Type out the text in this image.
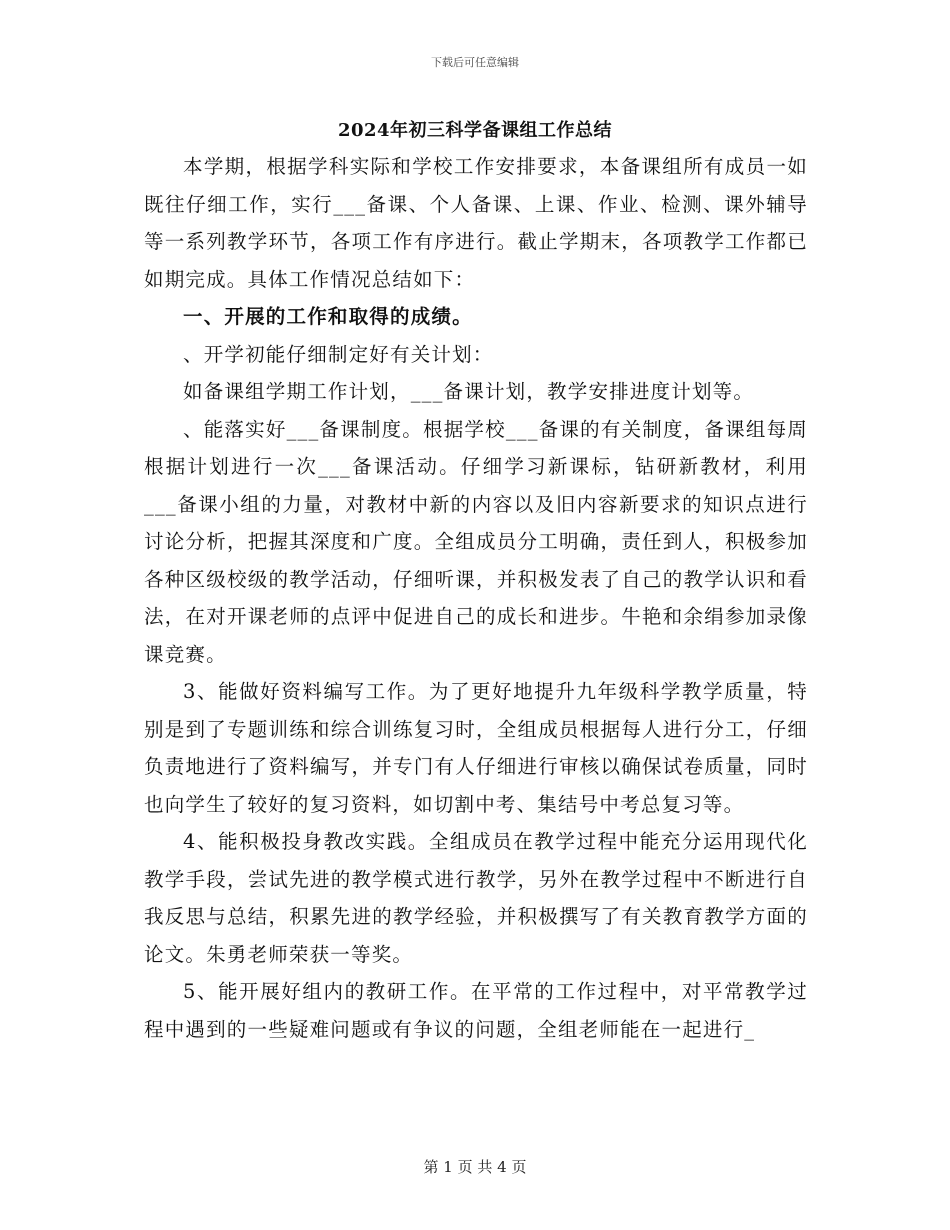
下载后可任意编辑
2024年初三科学备课组工作总结

本学期，根据学科实际和学校工作安排要求，本备课组所有成员一如既往仔细工作，实行___备课、个人备课、上课、作业、检测、课外辅导等一系列教学环节，各项工作有序进行。截止学期末，各项教学工作都已如期完成。具体工作情况总结如下：

一、开展的工作和取得的成绩。

、开学初能仔细制定好有关计划：

如备课组学期工作计划，___备课计划，教学安排进度计划等。

、能落实好___备课制度。根据学校___备课的有关制度，备课组每周根据计划进行一次___备课活动。仔细学习新课标，钻研新教材，利用___备课小组的力量，对教材中新的内容以及旧内容新要求的知识点进行讨论分析，把握其深度和广度。全组成员分工明确，责任到人，积极参加各种区级校级的教学活动，仔细听课，并积极发表了自己的教学认识和看法，在对开课老师的点评中促进自己的成长和进步。牛艳和余绢参加录像课竞赛。

3、能做好资料编写工作。为了更好地提升九年级科学教学质量，特别是到了专题训练和综合训练复习时，全组成员根据每人进行分工，仔细负责地进行了资料编写，并专门有人仔细进行审核以确保试卷质量，同时也向学生了较好的复习资料，如切割中考、集结号中考总复习等。

4、能积极投身教改实践。全组成员在教学过程中能充分运用现代化教学手段，尝试先进的教学模式进行教学，另外在教学过程中不断进行自我反思与总结，积累先进的教学经验，并积极撰写了有关教育教学方面的论文。朱勇老师荣获一等奖。

5、能开展好组内的教研工作。在平常的工作过程中，对平常教学过程中遇到的一些疑难问题或有争议的问题，全组老师能在一起进行_

第 1 页 共 4 页
